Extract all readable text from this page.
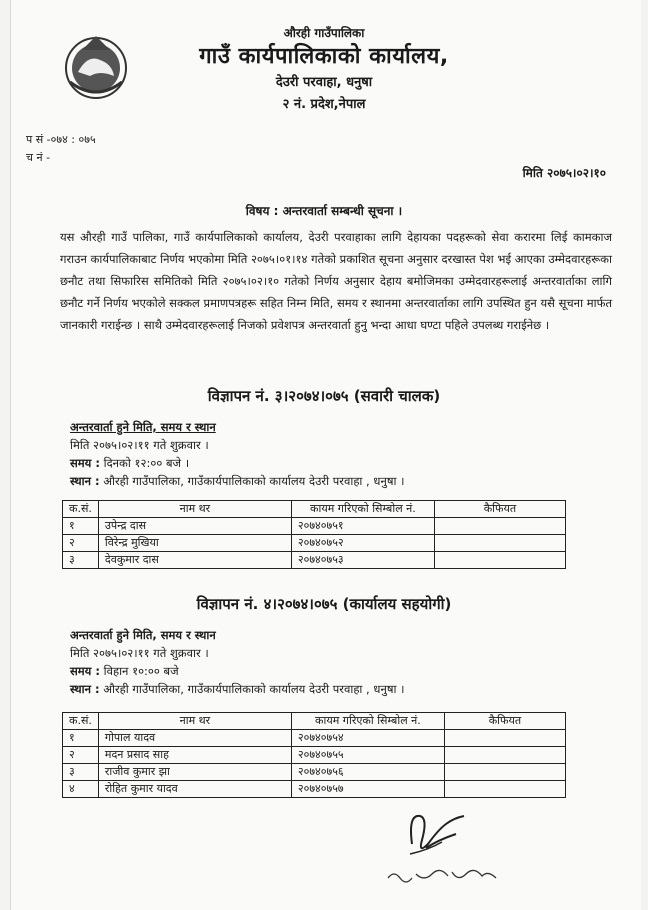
औरही गाउँपालिका
गाउँ कार्यपालिकाको कार्यालय,
देउरी परवाहा, धनुषा
२ नं. प्रदेश,नेपाल
प सं -०७४ : ०७५
च नं -
मिति २०७५।०२।१०
विषय : अन्तरवार्ता सम्बन्धी सूचना ।
यस औरही गाउँ पालिका, गाउँ कार्यपालिकाको कार्यालय, देउरी परवाहाका लागि देहायका पदहरूको सेवा करारमा लिई कामकाज गराउन कार्यपालिकाबाट निर्णय भएकोमा मिति २०७५।०१।१४ गतेको प्रकाशित सूचना अनुसार दरखास्त पेश भई आएका उम्मेदवारहरूका छनौट तथा सिफारिस समितिको मिति २०७५।०२।१० गतेको निर्णय अनुसार देहाय बमोजिमका उम्मेदवारहरूलाई अन्तरवार्ताका लागि छनौट गर्ने निर्णय भएकोले सक्कल प्रमाणपत्रहरू सहित निम्न मिति, समय र स्थानमा अन्तरवार्ताका लागि उपस्थित हुन यसै सूचना मार्फत जानकारी गराईन्छ । साथै उम्मेदवारहरूलाई निजको प्रवेशपत्र अन्तरवार्ता हुनु भन्दा आधा घण्टा पहिले उपलब्ध गराईनेछ ।
विज्ञापन नं. ३।२०७४।०७५ (सवारी चालक)
अन्तरवार्ता हुने मिति, समय र स्थान
मिति २०७५।०२।११ गते शुक्रवार ।
समय : दिनको १२:०० बजे ।
स्थान : औरही गाउँपालिका, गाउँकार्यपालिकाको कार्यालय देउरी परवाहा , धनुषा ।
क.सं.	नाम थर	कायम गरिएको सिम्बोल नं.	कैफियत
१	उपेन्द्र दास	२०७४०७५१	
२	विरेन्द्र मुखिया	२०७४०७५२	
३	देवकुमार दास	२०७४०७५३	
विज्ञापन नं. ४।२०७४।०७५ (कार्यालय सहयोगी)
अन्तरवार्ता हुने मिति, समय र स्थान
मिति २०७५।०२।११ गते शुक्रवार ।
समय : विहान १०:०० बजे
स्थान : औरही गाउँपालिका, गाउँकार्यपालिकाको कार्यालय देउरी परवाहा , धनुषा ।
क.सं.	नाम थर	कायम गरिएको सिम्बोल नं.	कैफियत
१	गोपाल यादव	२०७४०७५४	
२	मदन प्रसाद साह	२०७४०७५५	
३	राजीव कुमार झा	२०७४०७५६	
४	रोहित कुमार यादव	२०७४०७५७	
